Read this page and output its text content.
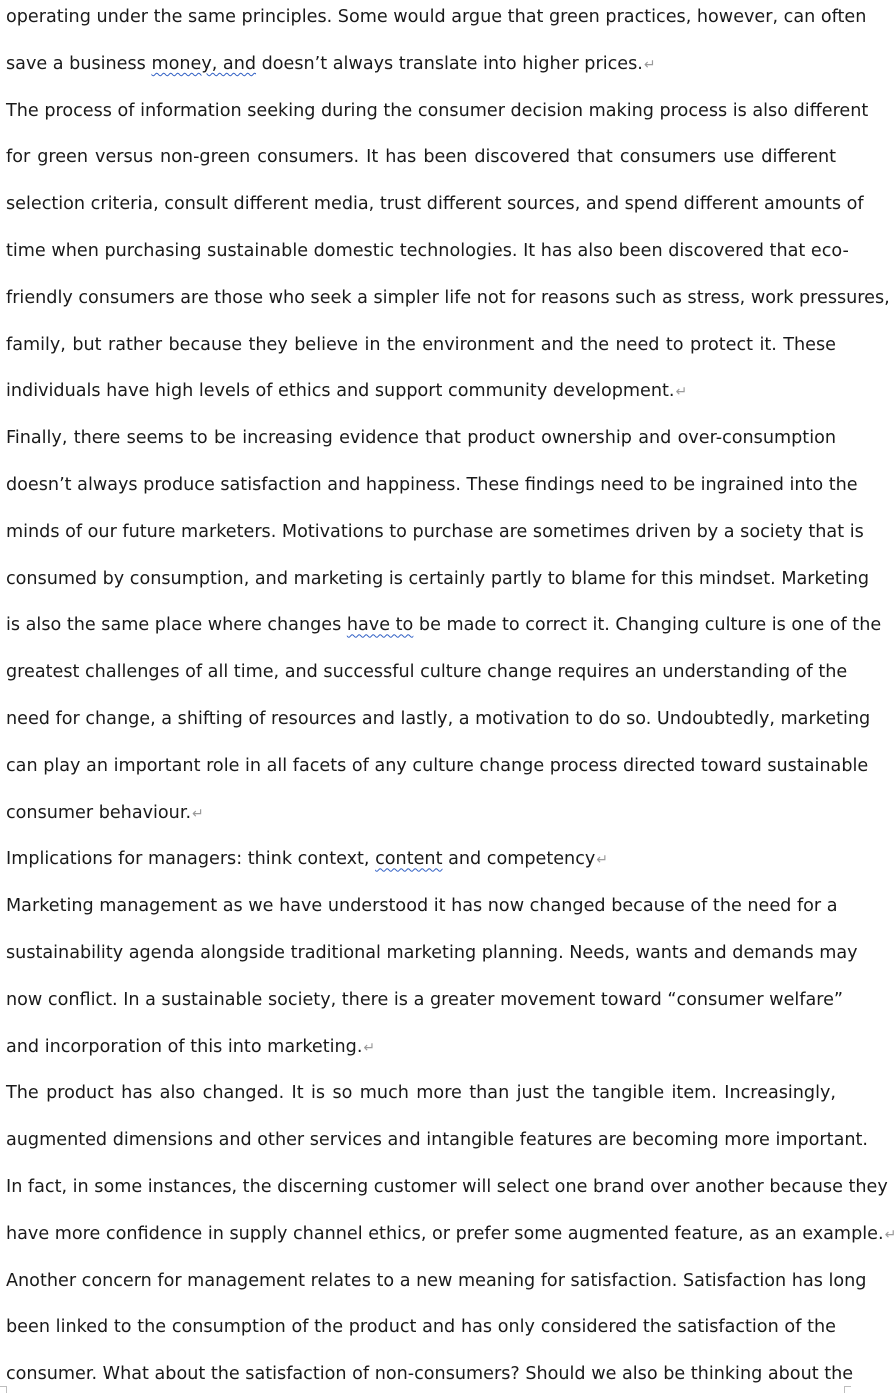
operating under the same principles. Some would argue that green practices, however, can often
save a business money, and doesn’t always translate into higher prices.↵
The process of information seeking during the consumer decision making process is also different
for green versus non-green consumers. It has been discovered that consumers use different
selection criteria, consult different media, trust different sources, and spend different amounts of
time when purchasing sustainable domestic technologies. It has also been discovered that eco-
friendly consumers are those who seek a simpler life not for reasons such as stress, work pressures,
family, but rather because they believe in the environment and the need to protect it. These
individuals have high levels of ethics and support community development.↵
Finally, there seems to be increasing evidence that product ownership and over-consumption
doesn’t always produce satisfaction and happiness. These findings need to be ingrained into the
minds of our future marketers. Motivations to purchase are sometimes driven by a society that is
consumed by consumption, and marketing is certainly partly to blame for this mindset. Marketing
is also the same place where changes have to be made to correct it. Changing culture is one of the
greatest challenges of all time, and successful culture change requires an understanding of the
need for change, a shifting of resources and lastly, a motivation to do so. Undoubtedly, marketing
can play an important role in all facets of any culture change process directed toward sustainable
consumer behaviour.↵
Implications for managers: think context, content and competency↵
Marketing management as we have understood it has now changed because of the need for a
sustainability agenda alongside traditional marketing planning. Needs, wants and demands may
now conflict. In a sustainable society, there is a greater movement toward “consumer welfare”
and incorporation of this into marketing.↵
The product has also changed. It is so much more than just the tangible item. Increasingly,
augmented dimensions and other services and intangible features are becoming more important.
In fact, in some instances, the discerning customer will select one brand over another because they
have more confidence in supply channel ethics, or prefer some augmented feature, as an example.↵
Another concern for management relates to a new meaning for satisfaction. Satisfaction has long
been linked to the consumption of the product and has only considered the satisfaction of the
consumer. What about the satisfaction of non-consumers? Should we also be thinking about the
